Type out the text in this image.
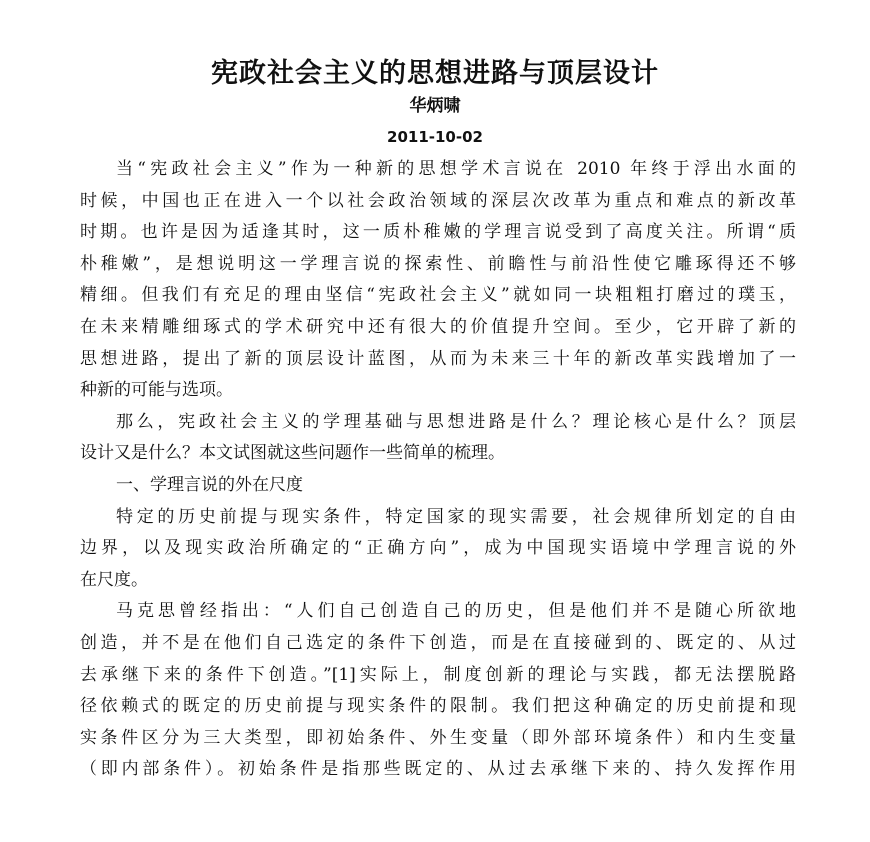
宪政社会主义的思想进路与顶层设计
华炳啸
2011-10-02
当“宪政社会主义”作为一种新的思想学术言说在 2010 年终于浮出水面的
时候，中国也正在进入一个以社会政治领域的深层次改革为重点和难点的新改革
时期。也许是因为适逢其时，这一质朴稚嫩的学理言说受到了高度关注。所谓“质
朴稚嫩”，是想说明这一学理言说的探索性、前瞻性与前沿性使它雕琢得还不够
精细。但我们有充足的理由坚信“宪政社会主义”就如同一块粗粗打磨过的璞玉，
在未来精雕细琢式的学术研究中还有很大的价值提升空间。至少，它开辟了新的
思想进路，提出了新的顶层设计蓝图，从而为未来三十年的新改革实践增加了一
种新的可能与选项。
那么，宪政社会主义的学理基础与思想进路是什么？理论核心是什么？顶层
设计又是什么？本文试图就这些问题作一些简单的梳理。
一、学理言说的外在尺度
特定的历史前提与现实条件，特定国家的现实需要，社会规律所划定的自由
边界，以及现实政治所确定的“正确方向”，成为中国现实语境中学理言说的外
在尺度。
马克思曾经指出：“人们自己创造自己的历史，但是他们并不是随心所欲地
创造，并不是在他们自己选定的条件下创造，而是在直接碰到的、既定的、从过
去承继下来的条件下创造。”[1]实际上，制度创新的理论与实践，都无法摆脱路
径依赖式的既定的历史前提与现实条件的限制。我们把这种确定的历史前提和现
实条件区分为三大类型，即初始条件、外生变量（即外部环境条件）和内生变量
（即内部条件）。初始条件是指那些既定的、从过去承继下来的、持久发挥作用
